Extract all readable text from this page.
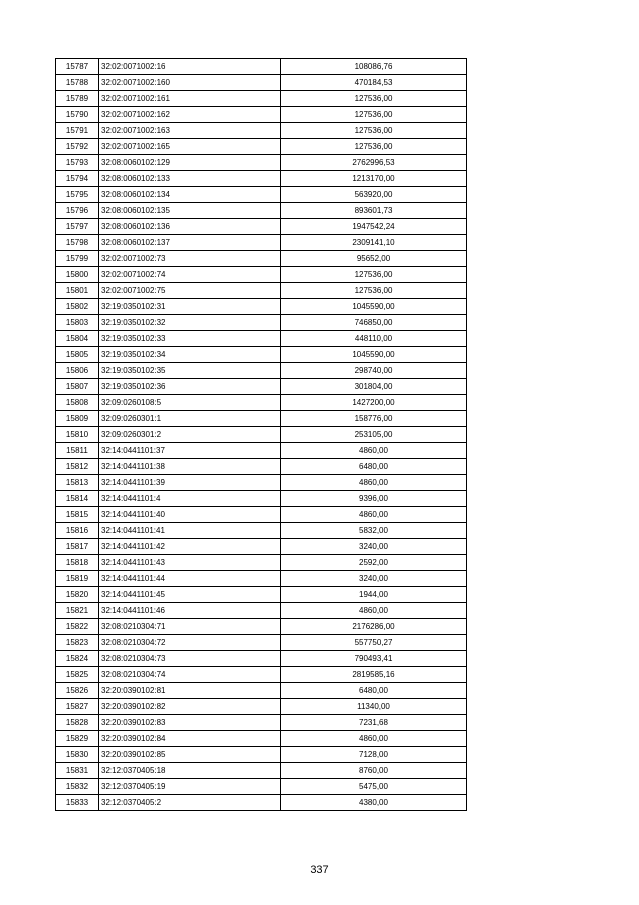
15787	32:02:0071002:16	108086,76
15788	32:02:0071002:160	470184,53
15789	32:02:0071002:161	127536,00
15790	32:02:0071002:162	127536,00
15791	32:02:0071002:163	127536,00
15792	32:02:0071002:165	127536,00
15793	32:08:0060102:129	2762996,53
15794	32:08:0060102:133	1213170,00
15795	32:08:0060102:134	563920,00
15796	32:08:0060102:135	893601,73
15797	32:08:0060102:136	1947542,24
15798	32:08:0060102:137	2309141,10
15799	32:02:0071002:73	95652,00
15800	32:02:0071002:74	127536,00
15801	32:02:0071002:75	127536,00
15802	32:19:0350102:31	1045590,00
15803	32:19:0350102:32	746850,00
15804	32:19:0350102:33	448110,00
15805	32:19:0350102:34	1045590,00
15806	32:19:0350102:35	298740,00
15807	32:19:0350102:36	301804,00
15808	32:09:0260108:5	1427200,00
15809	32:09:0260301:1	158776,00
15810	32:09:0260301:2	253105,00
15811	32:14:0441101:37	4860,00
15812	32:14:0441101:38	6480,00
15813	32:14:0441101:39	4860,00
15814	32:14:0441101:4	9396,00
15815	32:14:0441101:40	4860,00
15816	32:14:0441101:41	5832,00
15817	32:14:0441101:42	3240,00
15818	32:14:0441101:43	2592,00
15819	32:14:0441101:44	3240,00
15820	32:14:0441101:45	1944,00
15821	32:14:0441101:46	4860,00
15822	32:08:0210304:71	2176286,00
15823	32:08:0210304:72	557750,27
15824	32:08:0210304:73	790493,41
15825	32:08:0210304:74	2819585,16
15826	32:20:0390102:81	6480,00
15827	32:20:0390102:82	11340,00
15828	32:20:0390102:83	7231,68
15829	32:20:0390102:84	4860,00
15830	32:20:0390102:85	7128,00
15831	32:12:0370405:18	8760,00
15832	32:12:0370405:19	5475,00
15833	32:12:0370405:2	4380,00
337
